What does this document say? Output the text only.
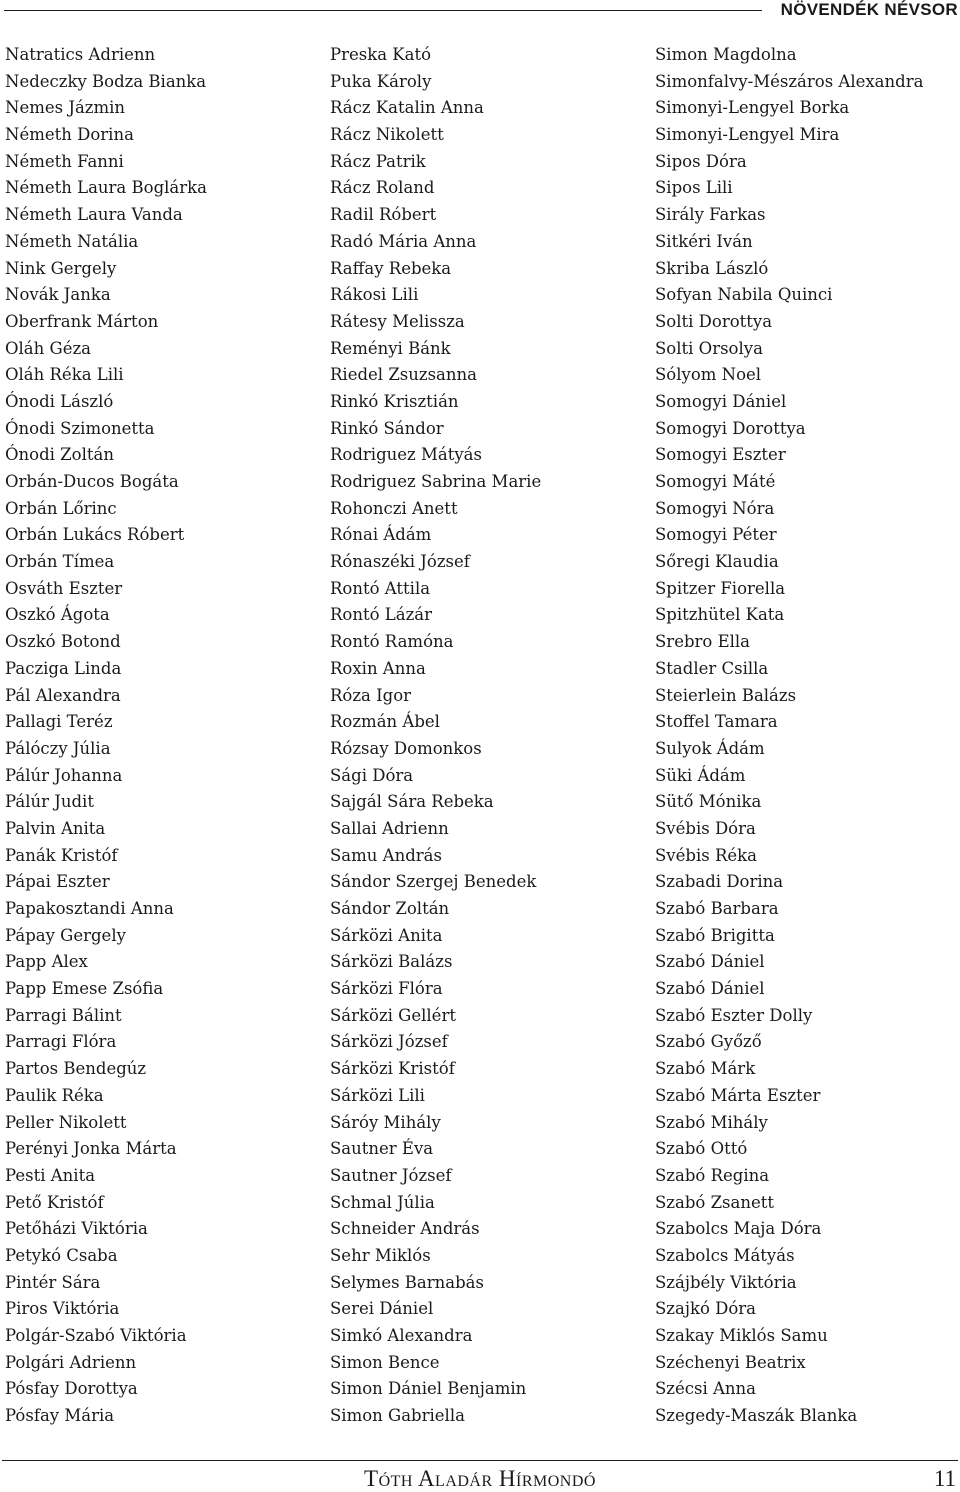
NÖVENDÉK NÉVSOR
Natratics Adrienn
Nedeczky Bodza Bianka
Nemes Jázmin
Németh Dorina
Németh Fanni
Németh Laura Boglárka
Németh Laura Vanda
Németh Natália
Nink Gergely
Novák Janka
Oberfrank Márton
Oláh Géza
Oláh Réka Lili
Ónodi László
Ónodi Szimonetta
Ónodi Zoltán
Orbán-Ducos Bogáta
Orbán Lőrinc
Orbán Lukács Róbert
Orbán Tímea
Osváth Eszter
Oszkó Ágota
Oszkó Botond
Pacziga Linda
Pál Alexandra
Pallagi Teréz
Pálóczy Júlia
Pálúr Johanna
Pálúr Judit
Palvin Anita
Panák Kristóf
Pápai Eszter
Papakosztandi Anna
Pápay Gergely
Papp Alex
Papp Emese Zsófia
Parragi Bálint
Parragi Flóra
Partos Bendegúz
Paulik Réka
Peller Nikolett
Perényi Jonka Márta
Pesti Anita
Pető Kristóf
Petőházi Viktória
Petykó Csaba
Pintér Sára
Piros Viktória
Polgár-Szabó Viktória
Polgári Adrienn
Pósfay Dorottya
Pósfay Mária
Preska Kató
Puka Károly
Rácz Katalin Anna
Rácz Nikolett
Rácz Patrik
Rácz Roland
Radil Róbert
Radó Mária Anna
Raffay Rebeka
Rákosi Lili
Rátesy Melissza
Reményi Bánk
Riedel Zsuzsanna
Rinkó Krisztián
Rinkó Sándor
Rodriguez Mátyás
Rodriguez Sabrina Marie
Rohonczi Anett
Rónai Ádám
Rónaszéki József
Rontó Attila
Rontó Lázár
Rontó Ramóna
Roxin Anna
Róza Igor
Rozmán Ábel
Rózsay Domonkos
Sági Dóra
Sajgál Sára Rebeka
Sallai Adrienn
Samu András
Sándor Szergej Benedek
Sándor Zoltán
Sárközi Anita
Sárközi Balázs
Sárközi Flóra
Sárközi Gellért
Sárközi József
Sárközi Kristóf
Sárközi Lili
Sáróy Mihály
Sautner Éva
Sautner József
Schmal Júlia
Schneider András
Sehr Miklós
Selymes Barnabás
Serei Dániel
Simkó Alexandra
Simon Bence
Simon Dániel Benjamin
Simon Gabriella
Simon Magdolna
Simonfalvy-Mészáros Alexandra
Simonyi-Lengyel Borka
Simonyi-Lengyel Mira
Sipos Dóra
Sipos Lili
Sirály Farkas
Sitkéri Iván
Skriba László
Sofyan Nabila Quinci
Solti Dorottya
Solti Orsolya
Sólyom Noel
Somogyi Dániel
Somogyi Dorottya
Somogyi Eszter
Somogyi Máté
Somogyi Nóra
Somogyi Péter
Sőregi Klaudia
Spitzer Fiorella
Spitzhütel Kata
Srebro Ella
Stadler Csilla
Steierlein Balázs
Stoffel Tamara
Sulyok Ádám
Süki Ádám
Sütő Mónika
Svébis Dóra
Svébis Réka
Szabadi Dorina
Szabó Barbara
Szabó Brigitta
Szabó Dániel
Szabó Dániel
Szabó Eszter Dolly
Szabó Győző
Szabó Márk
Szabó Márta Eszter
Szabó Mihály
Szabó Ottó
Szabó Regina
Szabó Zsanett
Szabolcs Maja Dóra
Szabolcs Mátyás
Szájbély Viktória
Szajkó Dóra
Szakay Miklós Samu
Széchenyi Beatrix
Szécsi Anna
Szegedy-Maszák Blanka
Tóth Aladár Hírmondó	11
